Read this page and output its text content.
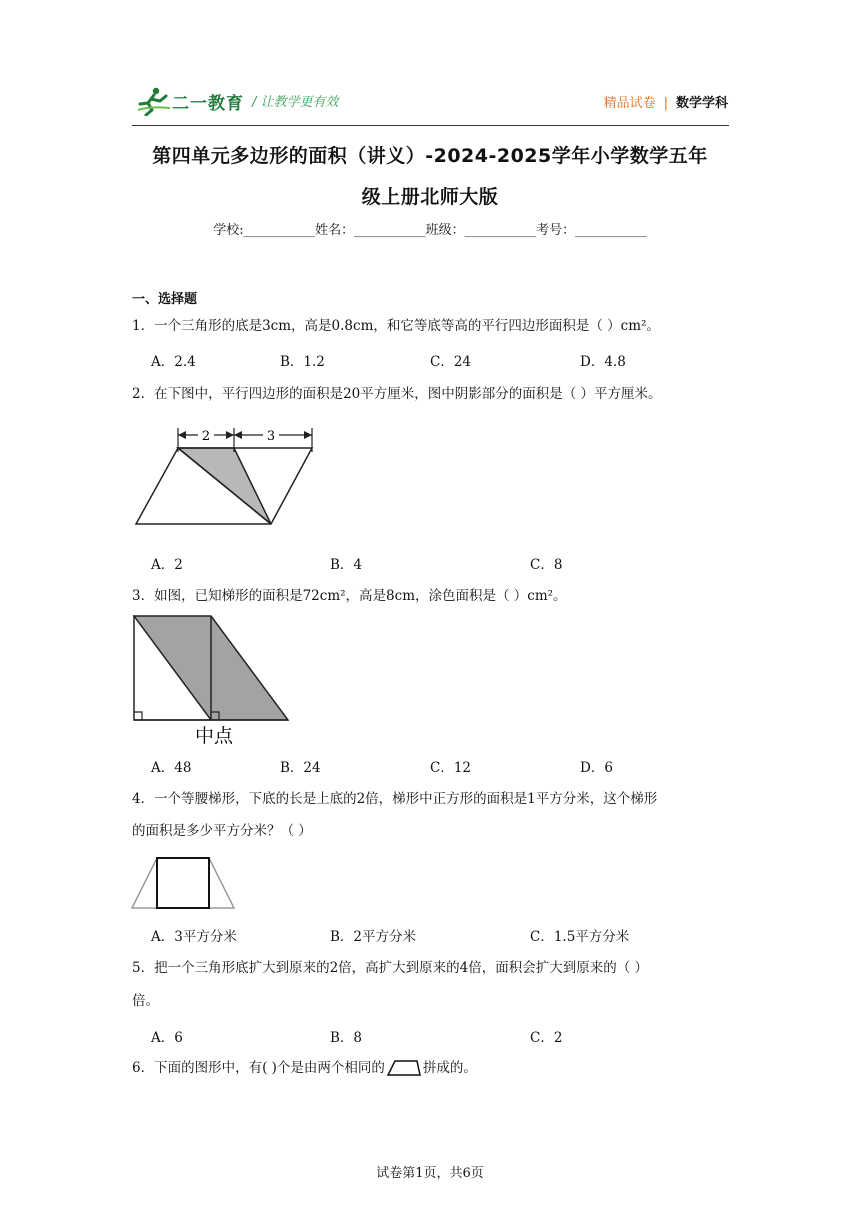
二一教育 / 让教学更有效	精品试卷 | 数学学科
第四单元多边形的面积（讲义）-2024-2025学年小学数学五年
级上册北师大版
学校:___________姓名：___________班级：___________考号：___________
一、选择题
1．一个三角形的底是3cm，高是0.8cm，和它等底等高的平行四边形面积是（ ）cm²。
A．2.4	B．1.2	C．24	D．4.8
2．在下图中，平行四边形的面积是20平方厘米，图中阴影部分的面积是（ ）平方厘米。
2	3
A．2	B．4	C．8
3．如图，已知梯形的面积是72cm²，高是8cm，涂色面积是（ ）cm²。
中点
A．48	B．24	C．12	D．6
4．一个等腰梯形，下底的长是上底的2倍，梯形中正方形的面积是1平方分米，这个梯形
的面积是多少平方分米？（ ）
A．3平方分米	B．2平方分米	C．1.5平方分米
5．把一个三角形底扩大到原来的2倍，高扩大到原来的4倍，面积会扩大到原来的（ ）
倍。
A．6	B．8	C．2
6．下面的图形中，有( )个是由两个相同的	拼成的。
试卷第1页，共6页
